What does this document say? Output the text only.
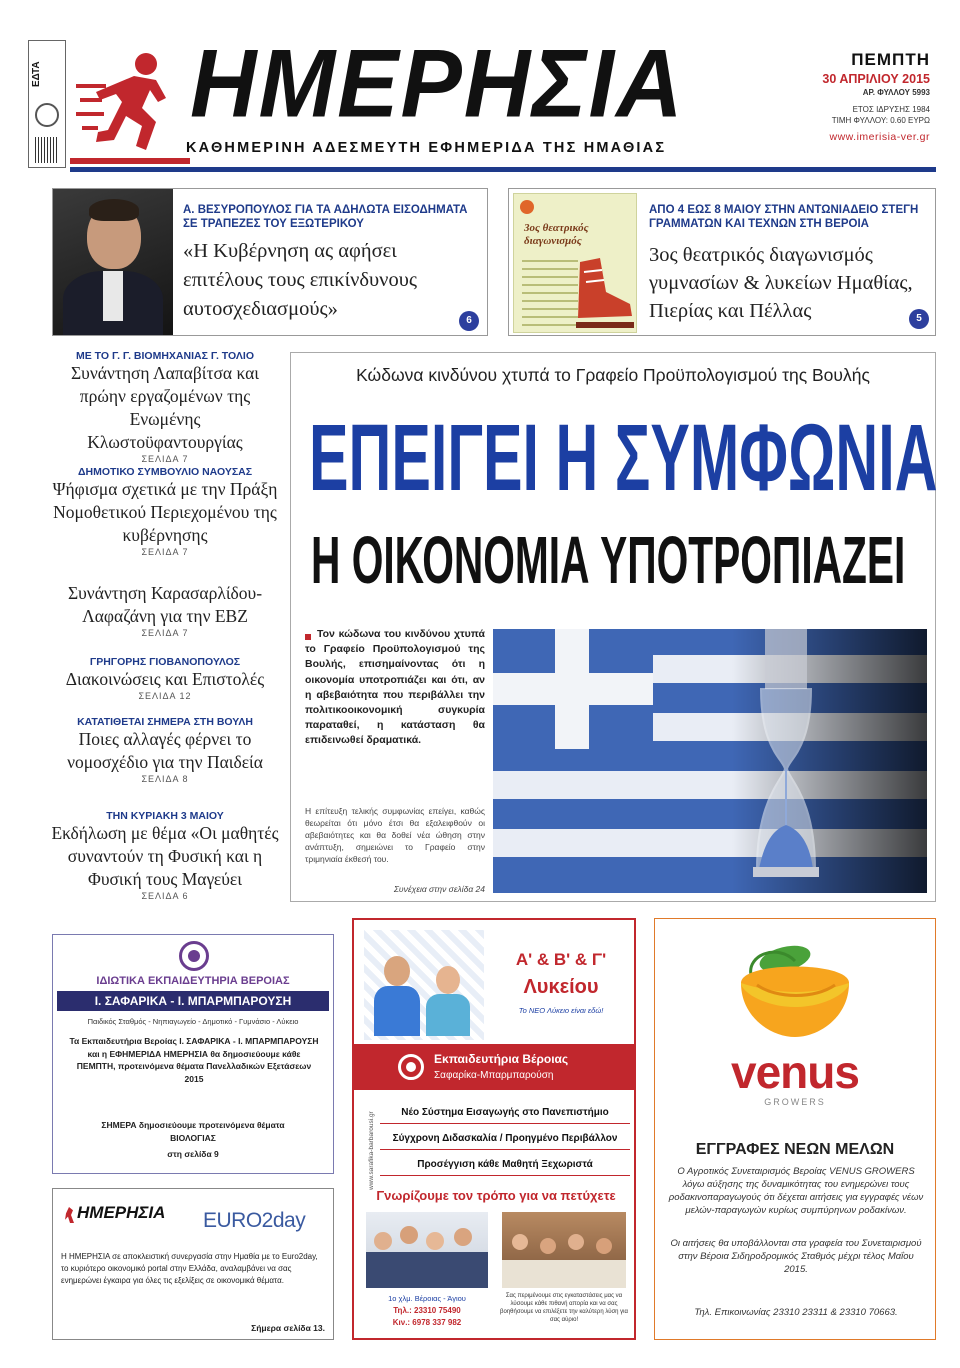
ΕΔΤΑ ΗΜΕΡΗΣΙΑ
ΚΑΘΗΜΕΡΙΝΗ ΑΔΕΣΜΕΥΤΗ ΕΦΗΜΕΡΙΔΑ ΤΗΣ ΗΜΑΘΙΑΣ
ΠΕΜΠΤΗ
30 ΑΠΡΙΛΙΟΥ 2015
ΑΡ. ΦΥΛΛΟΥ 5993
ΕΤΟΣ ΙΔΡΥΣΗΣ 1984
ΤΙΜΗ ΦΥΛΛΟΥ: 0.60 ΕΥΡΩ
www.imerisia-ver.gr
Α. ΒΕΣΥΡΟΠΟΥΛΟΣ ΓΙΑ ΤΑ ΑΔΗΛΩΤΑ ΕΙΣΟΔΗΜΑΤΑ ΣΕ ΤΡΑΠΕΖΕΣ ΤΟΥ ΕΞΩΤΕΡΙΚΟΥ
«Η Κυβέρνηση ας αφήσει επιτέλους τους επικίνδυνους αυτοσχεδιασμούς»
6
3ος θεατρικός διαγωνισμός
ΑΠΟ 4 ΕΩΣ 8 ΜΑΙΟΥ ΣΤΗΝ ΑΝΤΩΝΙΑΔΕΙΟ ΣΤΕΓΗ ΓΡΑΜΜΑΤΩΝ ΚΑΙ ΤΕΧΝΩΝ ΣΤΗ ΒΕΡΟΙΑ
3ος θεατρικός διαγωνισμός γυμνασίων & λυκείων Ημαθίας, Πιερίας και Πέλλας	5
ΜΕ ΤΟ Γ. Γ. ΒΙΟΜΗΧΑΝΙΑΣ Γ. ΤΟΛΙΟ
Συνάντηση Λαπαβίτσα και πρώην εργαζομένων της Ενωμένης Κλωστοϋφαντουργίας
ΣΕΛΙΔΑ 7
ΔΗΜΟΤΙΚΟ ΣΥΜΒΟΥΛΙΟ ΝΑΟΥΣΑΣ
Ψήφισμα σχετικά με την Πράξη Νομοθετικού Περιεχομένου της κυβέρνησης
ΣΕΛΙΔΑ 7
Συνάντηση Καρασαρλίδου-Λαφαζάνη για την ΕΒΖ
ΣΕΛΙΔΑ 7
ΓΡΗΓΟΡΗΣ ΓΙΟΒΑΝΟΠΟΥΛΟΣ
Διακοινώσεις και Επιστολές
ΣΕΛΙΔΑ 12
ΚΑΤΑΤΙΘΕΤΑΙ ΣΗΜΕΡΑ ΣΤΗ ΒΟΥΛΗ
Ποιες αλλαγές φέρνει το νομοσχέδιο για την Παιδεία
ΣΕΛΙΔΑ 8
ΤΗΝ ΚΥΡΙΑΚΗ 3 ΜΑΙΟΥ
Εκδήλωση με θέμα «Οι μαθητές συναντούν τη Φυσική και η Φυσική τους Μαγεύει
ΣΕΛΙΔΑ 6
Κώδωνα κινδύνου χτυπά το Γραφείο Προϋπολογισμού της Βουλής
ΕΠΕΙΓΕΙ Η ΣΥΜΦΩΝΙΑ
Η ΟΙΚΟΝΟΜΙΑ ΥΠΟΤΡΟΠΙΑΖΕΙ
Τον κώδωνα του κινδύνου χτυπά το Γραφείο Προϋπολογισμού της Βουλής, επισημαίνοντας ότι η οικονομία υποτροπιάζει και ότι, αν η αβεβαιότητα που περιβάλλει την πολιτικοοικονομική συγκυρία παραταθεί, η κατάσταση θα επιδεινωθεί δραματικά.
Η επίτευξη τελικής συμφωνίας επείγει, καθώς θεωρείται ότι μόνο έτσι θα εξαλειφθούν οι αβεβαιότητες και θα δοθεί νέα ώθηση στην ανάπτυξη, σημειώνει το Γραφείο στην τριμηνιαία έκθεσή του.
Συνέχεια στην σελίδα 24
ΙΔΙΩΤΙΚΑ ΕΚΠΑΙΔΕΥΤΗΡΙΑ ΒΕΡΟΙΑΣ
Ι. ΣΑΦΑΡΙΚΑ - Ι. ΜΠΑΡΜΠΑΡΟΥΣΗ
Παιδικός Σταθμός - Νηπιαγωγείο - Δημοτικό - Γυμνάσιο - Λύκειο
Τα Εκπαιδευτήρια Βεροίας Ι. ΣΑΦΑΡΙΚΑ - Ι. ΜΠΑΡΜΠΑΡΟΥΣΗ και η ΕΦΗΜΕΡΙΔΑ ΗΜΕΡΗΣΙΑ θα δημοσιεύουμε κάθε ΠΕΜΠΤΗ, προτεινόμενα θέματα Πανελλαδικών Εξετάσεων 2015
ΣΗΜΕΡΑ δημοσιεύουμε προτεινόμενα θέματα ΒΙΟΛΟΓΙΑΣ
στη σελίδα 9
ΗΜΕΡΗΣΙΑ EURO2day
Η ΗΜΕΡΗΣΙΑ σε αποκλειστική συνεργασία στην Ημαθία με το Euro2day, το κυριότερο οικονομικό portal στην Ελλάδα, αναλαμβάνει να σας ενημερώνει έγκαιρα για όλες τις εξελίξεις σε οικονομικά θέματα.
Σήμερα σελίδα 13.
Α' & Β' & Γ'
Λυκείου
Το ΝΕΟ Λύκειο είναι εδώ!
Εκπαιδευτήρια Βέροιας
Σαφαρίκα-Μπαρμπαρούση
www.sarafika-barbarousi.gr	Νέο Σύστημα Εισαγωγής στο Πανεπιστήμιο
Σύγχρονη Διδασκαλία / Προηγμένο Περιβάλλον
Προσέγγιση κάθε Μαθητή Ξεχωριστά
Γνωρίζουμε τον τρόπο για να πετύχετε
1ο χλμ. Βέροιας - Άγιου
Τηλ.: 23310 75490
Κιν.: 6978 337 982
Σας περιμένουμε στις εγκαταστάσεις μας να λύσουμε κάθε πιθανή απορία και να σας βοηθήσουμε να επιλέξετε την καλύτερη λύση για σας αύριο!
venus
GROWERS
ΕΓΓΡΑΦΕΣ ΝΕΩΝ ΜΕΛΩΝ
Ο Αγροτικός Συνεταιρισμός Βεροίας VENUS GROWERS λόγω αύξησης της δυναμικότητας του ενημερώνει τους ροδακινοπαραγωγούς ότι δέχεται αιτήσεις για εγγραφές νέων μελών-παραγωγών κυρίως συμπύρηνων ροδακίνων.
Οι αιτήσεις θα υποβάλλονται στα γραφεία του Συνεταιρισμού στην Βέροια Σιδηροδρομικός Σταθμός μέχρι τέλος Μαΐου 2015.
Τηλ. Επικοινωνίας 23310 23311 & 23310 70663.
